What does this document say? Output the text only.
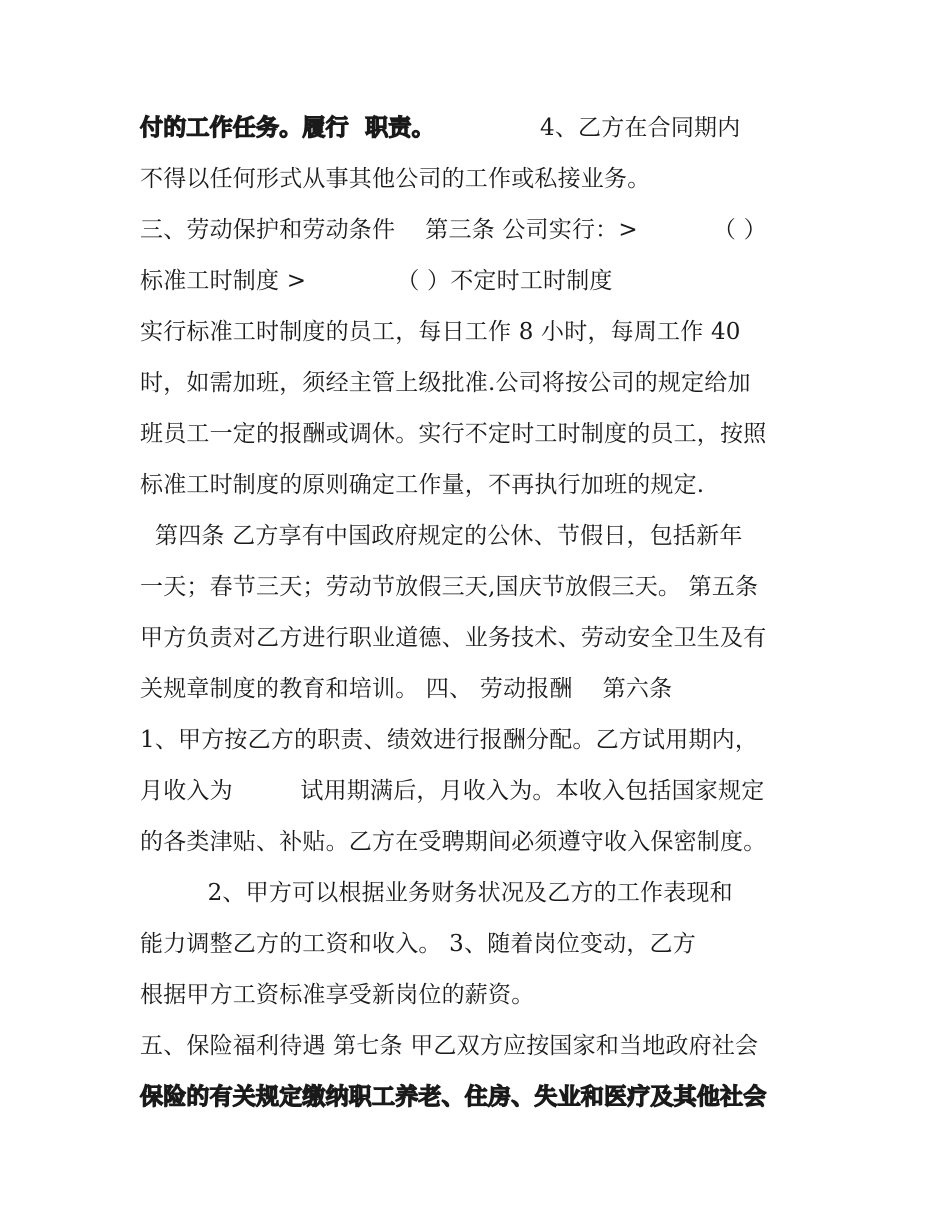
付的工作任务。履行  职责。              4、乙方在合同期内
不得以任何形式从事其他公司的工作或私接业务。
三、劳动保护和劳动条件    第三条 公司实行：>          （ ）
标准工时制度 >            （ ）不定时工时制度
实行标准工时制度的员工，每日工作 8 小时，每周工作 40
时，如需加班，须经主管上级批准.公司将按公司的规定给加
班员工一定的报酬或调休。实行不定时工时制度的员工，按照
标准工时制度的原则确定工作量，不再执行加班的规定.
第四条 乙方享有中国政府规定的公休、节假日，包括新年
一天；春节三天；劳动节放假三天,国庆节放假三天。 第五条
甲方负责对乙方进行职业道德、业务技术、劳动安全卫生及有
关规章制度的教育和培训。 四、 劳动报酬    第六条
1、甲方按乙方的职责、绩效进行报酬分配。乙方试用期内，
月收入为         试用期满后，月收入为。本收入包括国家规定
的各类津贴、补贴。乙方在受聘期间必须遵守收入保密制度。
2、甲方可以根据业务财务状况及乙方的工作表现和
能力调整乙方的工资和收入。 3、随着岗位变动，乙方
根据甲方工资标准享受新岗位的薪资。
五、保险福利待遇 第七条 甲乙双方应按国家和当地政府社会
保险的有关规定缴纳职工养老、住房、失业和医疗及其他社会
